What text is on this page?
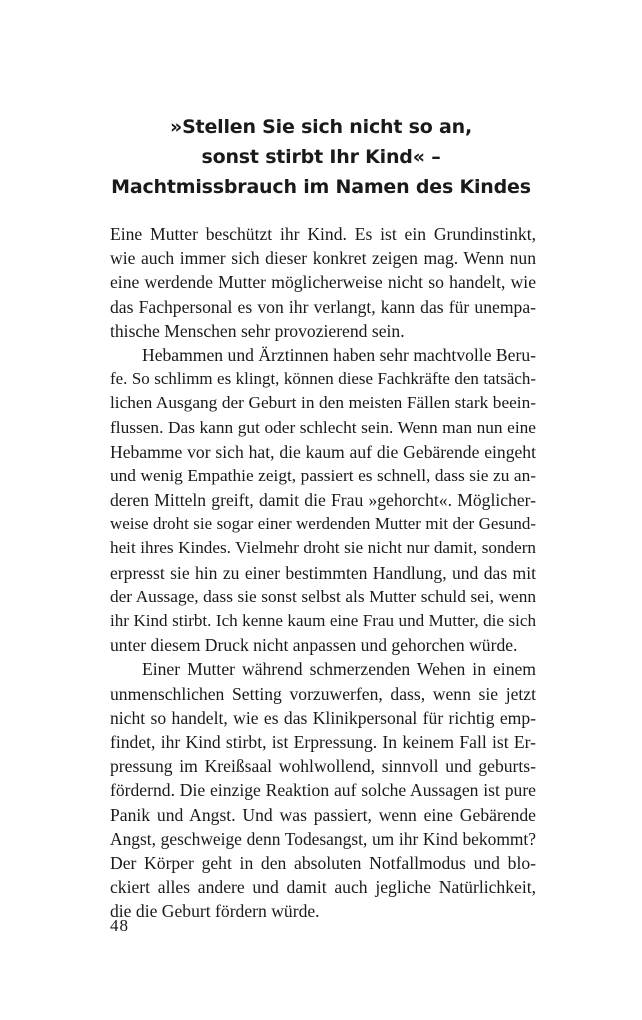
»Stellen Sie sich nicht so an,
sonst stirbt Ihr Kind« –
Machtmissbrauch im Namen des Kindes
Eine Mutter beschützt ihr Kind. Es ist ein Grundinstinkt,
wie auch immer sich dieser konkret zeigen mag. Wenn nun
eine werdende Mutter möglicherweise nicht so handelt, wie
das Fachpersonal es von ihr verlangt, kann das für unempa-
thische Menschen sehr provozierend sein.
Hebammen und Ärztinnen haben sehr machtvolle Beru-
fe. So schlimm es klingt, können diese Fachkräfte den tatsäch-
lichen Ausgang der Geburt in den meisten Fällen stark beein-
flussen. Das kann gut oder schlecht sein. Wenn man nun eine
Hebamme vor sich hat, die kaum auf die Gebärende eingeht
und wenig Empathie zeigt, passiert es schnell, dass sie zu an-
deren Mitteln greift, damit die Frau »gehorcht«. Möglicher-
weise droht sie sogar einer werdenden Mutter mit der Gesund-
heit ihres Kindes. Vielmehr droht sie nicht nur damit, sondern
erpresst sie hin zu einer bestimmten Handlung, und das mit
der Aussage, dass sie sonst selbst als Mutter schuld sei, wenn
ihr Kind stirbt. Ich kenne kaum eine Frau und Mutter, die sich
unter diesem Druck nicht anpassen und gehorchen würde.
Einer Mutter während schmerzenden Wehen in einem
unmenschlichen Setting vorzuwerfen, dass, wenn sie jetzt
nicht so handelt, wie es das Klinikpersonal für richtig emp-
findet, ihr Kind stirbt, ist Erpressung. In keinem Fall ist Er-
pressung im Kreißsaal wohlwollend, sinnvoll und geburts-
fördernd. Die einzige Reaktion auf solche Aussagen ist pure
Panik und Angst. Und was passiert, wenn eine Gebärende
Angst, geschweige denn Todesangst, um ihr Kind bekommt?
Der Körper geht in den absoluten Notfallmodus und blo-
ckiert alles andere und damit auch jegliche Natürlichkeit,
die die Geburt fördern würde.
48
